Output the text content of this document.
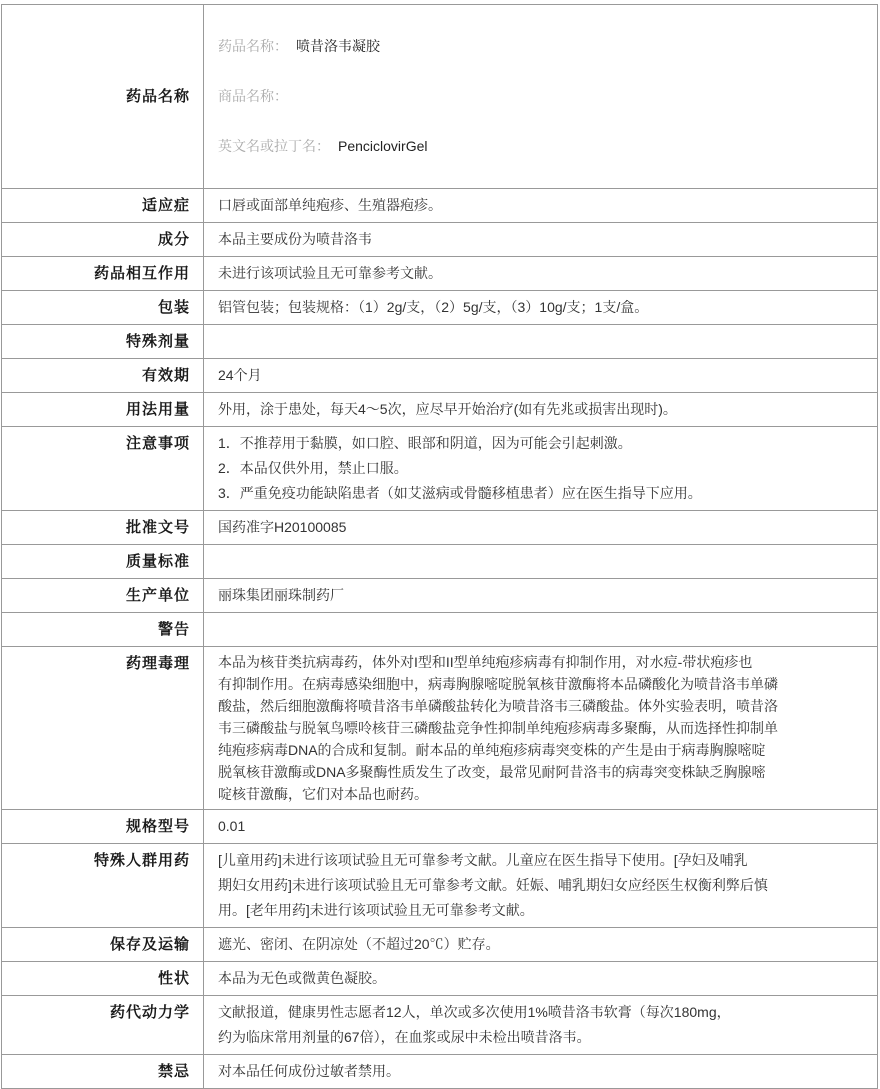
药品名称	药品名称： 喷昔洛韦凝胶

商品名称：

英文名或拉丁名： PenciclovirGel

适应症	口唇或面部单纯疱疹、生殖器疱疹。
成分	本品主要成份为喷昔洛韦
药品相互作用	未进行该项试验且无可靠参考文献。
包装	铝管包装；包装规格：（1）2g/支，（2）5g/支，（3）10g/支；1支/盒。
特殊剂量	
有效期	24个月
用法用量	外用，涂于患处，每天4～5次，应尽早开始治疗(如有先兆或损害出现时)。
注意事项	1．不推荐用于黏膜，如口腔、眼部和阴道，因为可能会引起刺激。
2．本品仅供外用，禁止口服。
3．严重免疫功能缺陷患者（如艾滋病或骨髓移植患者）应在医生指导下应用。
批准文号	国药准字H20100085
质量标准	
生产单位	丽珠集团丽珠制药厂
警告	
药理毒理	本品为核苷类抗病毒药，体外对I型和II型单纯疱疹病毒有抑制作用，对水痘-带状疱疹也
有抑制作用。在病毒感染细胞中，病毒胸腺嘧啶脱氧核苷激酶将本品磷酸化为喷昔洛韦单磷
酸盐，然后细胞激酶将喷昔洛韦单磷酸盐转化为喷昔洛韦三磷酸盐。体外实验表明，喷昔洛
韦三磷酸盐与脱氧鸟嘌呤核苷三磷酸盐竞争性抑制单纯疱疹病毒多聚酶，从而选择性抑制单
纯疱疹病毒DNA的合成和复制。耐本品的单纯疱疹病毒突变株的产生是由于病毒胸腺嘧啶
脱氧核苷激酶或DNA多聚酶性质发生了改变，最常见耐阿昔洛韦的病毒突变株缺乏胸腺嘧
啶核苷激酶，它们对本品也耐药。
规格型号	0.01
特殊人群用药	[儿童用药]未进行该项试验且无可靠参考文献。儿童应在医生指导下使用。[孕妇及哺乳
期妇女用药]未进行该项试验且无可靠参考文献。妊娠、哺乳期妇女应经医生权衡利弊后慎
用。[老年用药]未进行该项试验且无可靠参考文献。
保存及运输	遮光、密闭、在阴凉处（不超过20℃）贮存。
性状	本品为无色或微黄色凝胶。
药代动力学	文献报道，健康男性志愿者12人，单次或多次使用1%喷昔洛韦软膏（每次180mg，
约为临床常用剂量的67倍），在血浆或尿中未检出喷昔洛韦。
禁忌	对本品任何成份过敏者禁用。
